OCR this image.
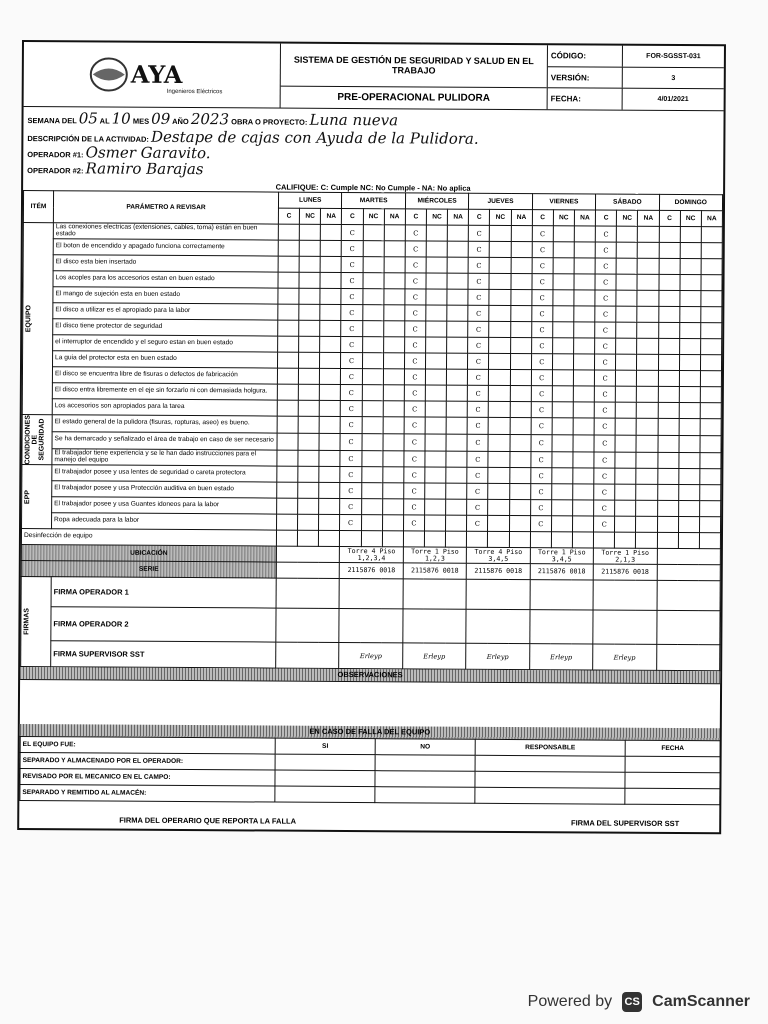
AYA
Ingenieros Eléctricos
SISTEMA DE GESTIÓN DE SEGURIDAD Y SALUD EN EL TRABAJO
PRE-OPERACIONAL PULIDORA
CÓDIGO:	FOR-SGSST-031
VERSIÓN:	3
FECHA:	4/01/2021
SEMANA DEL 05 AL 10 MES 09 AÑO 2023 OBRA O PROYECTO: Luna nueva
DESCRIPCIÓN DE LA ACTIVIDAD: Destape de cajas con Ayuda de la Pulidora.
OPERADOR #1: Osmer Garavito.
OPERADOR #2: Ramiro Barajas
CALIFIQUE: C: Cumple NC: No Cumple - NA: No aplica
ITÉM	PARÁMETRO A REVISAR	LUNES			MARTES			MIÉRCOLES			JUEVES			VIERNES			SÁBADO			DOMINGO		
		C	NC	NA	C	NC	NA	C	NC	NA	C	NC	NA	C	NC	NA	C	NC	NA	C	NC	NA

EQUIPO	Las conexiones electricas (extensiones, cables, toma) están en buen estado				C			C			C			C			C					
	El boton de encendido y apagado funciona correctamente				C			C			C			C			C					
	El disco esta bien insertado				C			C			C			C			C					
	Los acoples para los accesorios estan en buen estado				C			C			C			C			C					
	El mango de sujeción esta en buen estado				C			C			C			C			C					
	El disco a utilizar es el apropiado para la labor				C			C			C			C			C					
	El disco tiene protector de seguridad				C			C			C			C			C					
	el interruptor de encendido y el seguro estan en buen estado				C			C			C			C			C					
	La guia del protector esta en buen estado				C			C			C			C			C					
	El disco se encuentra libre de fisuras o defectos de fabricación				C			C			C			C			C					
	El disco entra libremente en el eje sin forzarlo ni con demasiada holgura.				C			C			C			C			C					
	Los accesorios son apropiados para la tarea				C			C			C			C			C					

CONDICIONES DE SEGURIDAD	El estado general de la pulidora (fisuras, ropturas, aseo) es bueno.				C			C			C			C			C					
	Se ha demarcado y señalizado el área de trabajo en caso de ser necesario				C			C			C			C			C					
	El trabajador tiene experiencia y se le han dado instrucciones para el manejo del equipo				C			C			C			C			C					

EPP	El trabajador posee y usa lentes de seguridad o careta protectora				C			C			C			C			C					
	El trabajador posee y usa Protección auditiva en buen estado				C			C			C			C			C					
	El trabajador posee y usa Guantes idoneos para la labor				C			C			C			C			C					
	Ropa adecuada para la labor				C			C			C			C			C					
Desinfección de equipo																						
UBICACIÓN					Torre 4 Piso 1,2,3,4			Torre 1 Piso 1,2,3			Torre 4 Piso 3,4,5			Torre 1 Piso 3,4,5			Torre 1 Piso 2,1,3					
SERIE					2115876 0018			2115876 0018			2115876 0018			2115876 0018			2115876 0018					

FIRMAS	FIRMA OPERADOR 1																					
	FIRMA OPERADOR 2																					
	FIRMA SUPERVISOR SST				Erleyp			Erleyp			Erleyp			Erleyp			Erleyp					
OBSERVACIONES
EN CASO DE FALLA DEL EQUIPO
EL EQUIPO FUE:	SI	NO	RESPONSABLE	FECHA
SEPARADO Y ALMACENADO POR EL OPERADOR:				
REVISADO POR EL MECANICO EN EL CAMPO:				
SEPARADO Y REMITIDO AL ALMACÉN:				
FIRMA DEL OPERARIO QUE REPORTA LA FALLA	FIRMA DEL SUPERVISOR SST
Powered by CS CamScanner
